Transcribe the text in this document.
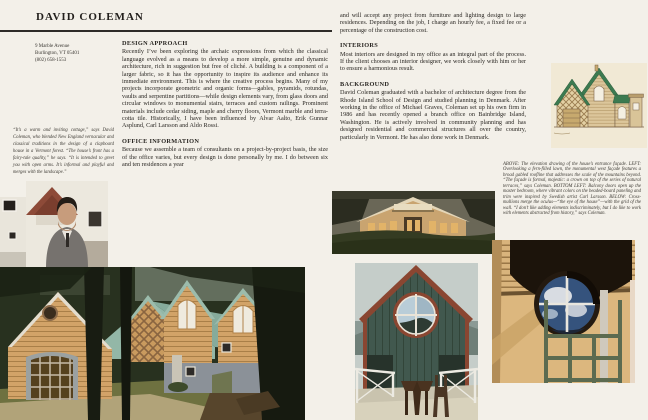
DAVID COLEMAN
9 Marble Avenue
Burlington, VT 05401
(802) 658-1553
DESIGN APPROACH

Recently I’ve been exploring the archaic expressions from which the classical language evolved as a means to develop a more simple, genuine and dynamic architecture, rich in suggestion but free of cliché. A building is a component of a larger fabric, so it has the opportunity to inspire its audience and enhance its immediate environment. This is where the creative process begins. Many of my projects incorporate geometric and organic forms—gables, pyramids, rotundas, vaults and serpentine partitions—while design elements vary, from glass doors and circular windows to monumental stairs, terraces and custom railings. Prominent materials include cedar siding, maple and cherry floors, Vermont marble and terra-cotta tile. Historically, I have been influenced by Alvar Aalto, Erik Gunnar Asplund, Carl Larsson and Aldo Rossi.

OFFICE INFORMATION

Because we assemble a team of consultants on a project-by-project basis, the size of the office varies, but every design is done personally by me. I do between six and ten residences a year

“It’s a warm and inviting cottage,” says David Coleman, who blended New England vernacular and classical traditions in the design of a clapboard house in a Vermont forest. “The house’s front has a fairy-tale quality,” he says. “It is intended to greet you with open arms. It’s informal and playful and merges with the landscape.”

and will accept any project from furniture and lighting design to large residences. Depending on the job, I charge an hourly fee, a fixed fee or a percentage of the construction cost.

INTERIORS

Most interiors are designed in my office as an integral part of the process. If the client chooses an interior designer, we work closely with him or her to ensure a harmonious result.

BACKGROUND

David Coleman graduated with a bachelor of architecture degree from the Rhode Island School of Design and studied planning in Denmark. After working in the office of Michael Graves, Coleman set up his own firm in 1986 and has recently opened a branch office on Bainbridge Island, Washington. He is actively involved in community planning and has designed residential and commercial structures all over the country, particularly in Vermont. He has also done work in Denmark.

ABOVE: The elevation drawing of the house’s entrance façade. LEFT: Overlooking a fern-filled lawn, the monumental west façade features a broad gabled roofline that addresses the scale of the mountains beyond. “The façade is formal, majestic: a crown on top of the series of natural terraces,” says Coleman. BOTTOM LEFT: Balcony doors open up the master bedroom, where vibrant colors on the beaded-board paneling and trim were inspired by Swedish artist Carl Larsson. BELOW: Cross-mullions merge the oculus—“the eye of the house”—with the grid of the wall. “I don’t like adding elements indiscriminately, but I do like to work with elements abstracted from history,” says Coleman.
